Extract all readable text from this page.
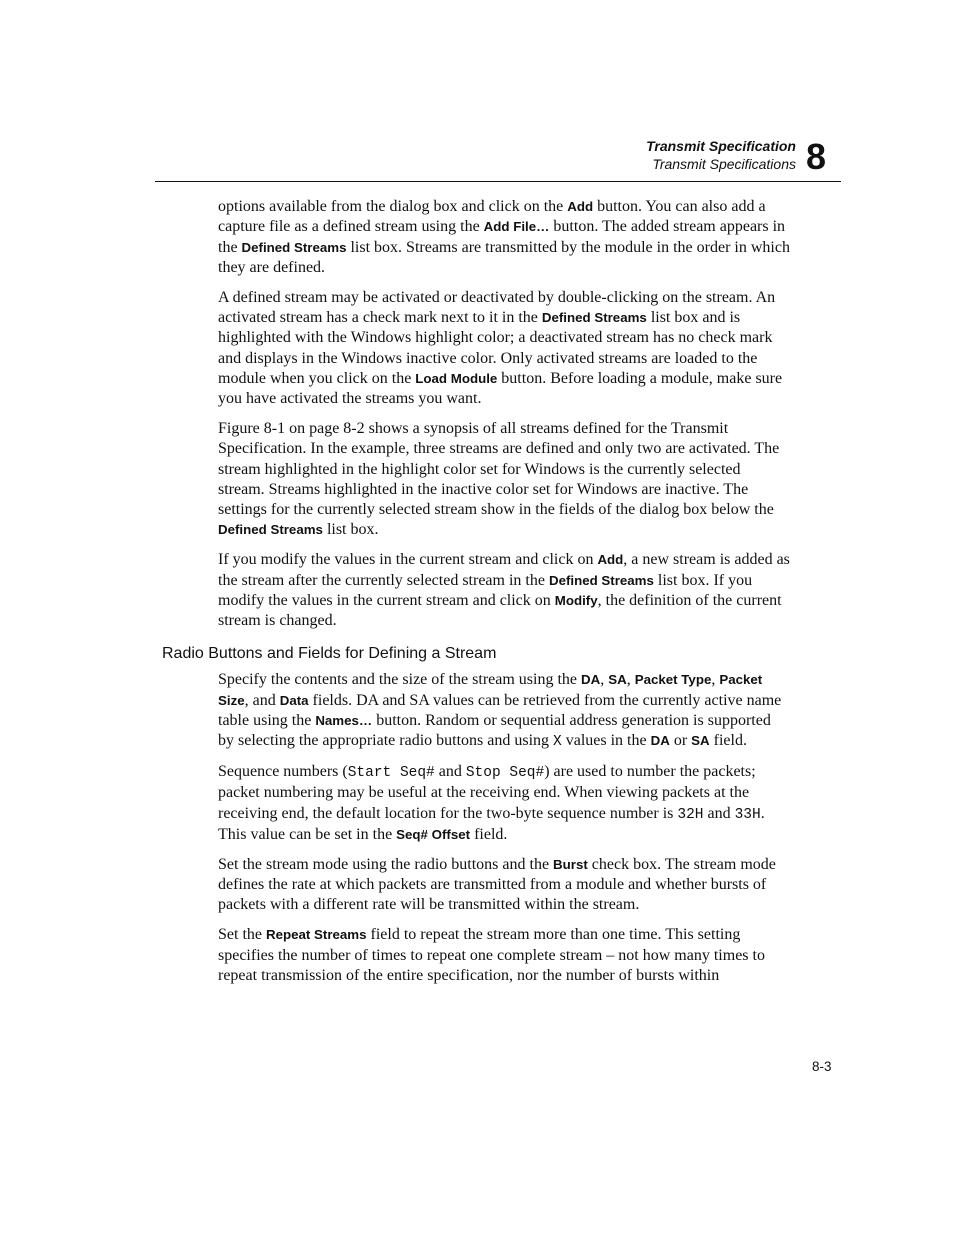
Transmit Specification
Transmit Specifications 8

options available from the dialog box and click on the Add button. You can also add a capture file as a defined stream using the Add File… button. The added stream appears in the Defined Streams list box. Streams are transmitted by the module in the order in which they are defined.

A defined stream may be activated or deactivated by double-clicking on the stream. An activated stream has a check mark next to it in the Defined Streams list box and is highlighted with the Windows highlight color; a deactivated stream has no check mark and displays in the Windows inactive color. Only activated streams are loaded to the module when you click on the Load Module button. Before loading a module, make sure you have activated the streams you want.

Figure 8-1 on page 8-2 shows a synopsis of all streams defined for the Transmit Specification. In the example, three streams are defined and only two are activated. The stream highlighted in the highlight color set for Windows is the currently selected stream. Streams highlighted in the inactive color set for Windows are inactive. The settings for the currently selected stream show in the fields of the dialog box below the Defined Streams list box.

If you modify the values in the current stream and click on Add, a new stream is added as the stream after the currently selected stream in the Defined Streams list box. If you modify the values in the current stream and click on Modify, the definition of the current stream is changed.

Radio Buttons and Fields for Defining a Stream

Specify the contents and the size of the stream using the DA, SA, Packet Type, Packet Size, and Data fields. DA and SA values can be retrieved from the currently active name table using the Names… button. Random or sequential address generation is supported by selecting the appropriate radio buttons and using X values in the DA or SA field.

Sequence numbers (Start Seq# and Stop Seq#) are used to number the packets; packet numbering may be useful at the receiving end. When viewing packets at the receiving end, the default location for the two-byte sequence number is 32H and 33H. This value can be set in the Seq# Offset field.

Set the stream mode using the radio buttons and the Burst check box. The stream mode defines the rate at which packets are transmitted from a module and whether bursts of packets with a different rate will be transmitted within the stream.

Set the Repeat Streams field to repeat the stream more than one time. This setting specifies the number of times to repeat one complete stream – not how many times to repeat transmission of the entire specification, nor the number of bursts within

8-3
